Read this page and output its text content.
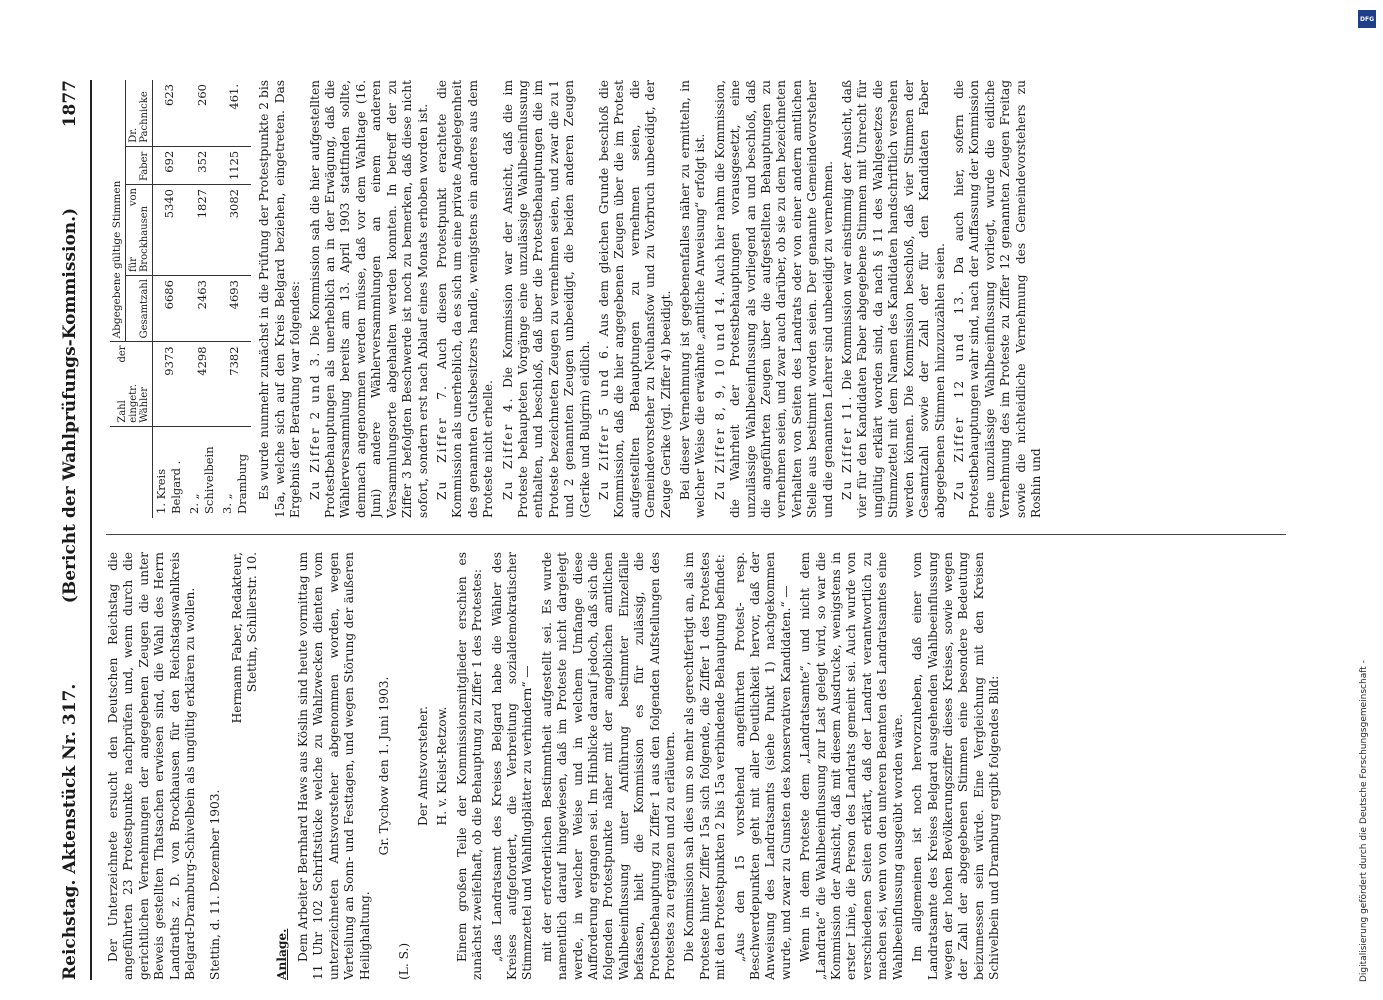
Reichstag. Aktenstück Nr. 317.
(Bericht der Wahlprüfungs-Kommission.)
1877

Der Unterzeichnete ersucht den Deutschen Reichstag die angeführten 23 Protestpunkte nachprüfen und, wenn durch die gerichtlichen Vernehmungen der angegebenen Zeugen die unter Beweis gestellten Thatsachen erwiesen sind, die Wahl des Herrn Landraths z. D. von Brockhausen für den Reichstagswahlkreis Belgard-Dramburg-Schivelbein als ungültig erklären zu wollen. Stettin, d. 11. Dezember 1903.

Hermann Faber, Redakteur, Stettin, Schillerstr. 10.

Anlage. Dem Arbeiter Bernhard Haws aus Köslin sind heute vormittag um 11 Uhr 102 Schriftstücke welche zu Wahlzwecken dienten vom unterzeichneten Amtsvorsteher abgenommen worden, wegen Verteilung an Sonn- und Festtagen, und wegen Störung der äußeren Heilighaltung.

Gr. Tychow den 1. Juni 1903.

(L. S.)

Der Amtsvorsteher. H. v. Kleist-Retzow. Einem großen Teile der Kommissionsmitglieder erschien es zunächst zweifelhaft, ob die Behauptung zu Ziffer 1 des Protestes: „das Landratsamt des Kreises Belgard habe die Wähler des Kreises aufgefordert, die Verbreitung sozialdemokratischer Stimmzettel und Wahlflugblätter zu verhindern“ — mit der erforderlichen Bestimmtheit aufgestellt sei. Es wurde namentlich darauf hingewiesen, daß im Proteste nicht dargelegt werde, in welcher Weise und in welchem Umfange diese Aufforderung ergangen sei. Im Hinblicke darauf jedoch, daß sich die folgenden Protestpunkte näher mit der angeblichen amtlichen Wahlbeeinflussung unter Anführung bestimmter Einzelfälle befassen, hielt die Kommission es für zulässig, die Protestbehauptung zu Ziffer 1 aus den folgenden Aufstellungen des Protestes zu ergänzen und zu erläutern. Die Kommission sah dies um so mehr als gerechtfertigt an, als im Proteste hinter Ziffer 15a sich folgende, die Ziffer 1 des Protestes mit den Protestpunkten 2 bis 15a verbindende Behauptung befindet: „Aus den 15 vorstehend angeführten Protest- resp. Beschwerdepunkten geht mit aller Deutlichkeit hervor, daß der Anweisung des Landratsamts (siehe Punkt 1) nachgekommen wurde, und zwar zu Gunsten des konservativen Kandidaten.“ — Wenn in dem Proteste dem „Landratsamte“, und nicht dem „Landrate“ die Wahlbeeinflussung zur Last gelegt wird, so war die Kommission der Ansicht, daß mit diesem Ausdrucke, wenigstens in erster Linie, die Person des Landrats gemeint sei. Auch wurde von verschiedenen Seiten erklärt, daß der Landrat verantwortlich zu machen sei, wenn von den unteren Beamten des Landratsamtes eine Wahlbeeinflussung ausgeübt worden wäre. Im allgemeinen ist noch hervorzuheben, daß einer vom Landratsamte des Kreises Belgard ausgehenden Wahlbeeinflussung wegen der hohen Bevölkerungsziffer dieses Kreises, sowie wegen der Zahl der abgegebenen Stimmen eine besondere Bedeutung beizumessen sein würde. Eine Vergleichung mit den Kreisen Schivelbein und Dramburg ergibt folgendes Bild:

	Zahl der eingetr. Wähler	Abgegebene gültige Stimmen			
		Gesamtzahl	für von Brockhausen	Faber	Dr. Pachnicke
1. Kreis Belgard .	9373	6686	5340	692	623
2. „ Schivelbein	4298	2463	1827	352	260
3. „ Dramburg	7382	4693	3082	1125	461. Es wurde nunmehr zunächst in die Prüfung der Protestpunkte 2 bis 15a, welche sich auf den Kreis Belgard beziehen, eingetreten. Das Ergebnis der Beratung war folgendes: Zu Ziffer 2 und 3. Die Kommission sah die hier aufgestellten Protestbehauptungen als unerheblich an in der Erwägung, daß die Wählerversammlung bereits am 13. April 1903 stattfinden sollte, demnach angenommen werden müsse, daß vor dem Wahltage (16. Juni) andere Wählerversammlungen an einem anderen Versammlungsorte abgehalten werden konnten. In betreff der zu Ziffer 3 befolgten Beschwerde ist noch zu bemerken, daß diese nicht sofort, sondern erst nach Ablauf eines Monats erhoben worden ist. Zu Ziffer 7. Auch diesen Protestpunkt erachtete die Kommission als unerheblich, da es sich um eine private Angelegenheit des genannten Gutsbesitzers handle, wenigstens ein anderes aus dem Proteste nicht erhelle. Zu Ziffer 4. Die Kommission war der Ansicht, daß die im Proteste behaupteten Vorgänge eine unzulässige Wahlbeeinflussung enthalten, und beschloß, daß über die Protestbehauptungen die im Proteste bezeichneten Zeugen zu vernehmen seien, und zwar die zu 1 und 2 genannten Zeugen unbeeidigt, die beiden anderen Zeugen (Gerike und Bulgrin) eidlich. Zu Ziffer 5 und 6. Aus dem gleichen Grunde beschloß die Kommission, daß die hier angegebenen Zeugen über die im Protest aufgestellten Behauptungen zu vernehmen seien, die Gemeindevorsteher zu Neuhansfow und zu Vorbruch unbeeidigt, der Zeuge Gerike (vgl. Ziffer 4) beeidigt. Bei dieser Vernehmung ist gegebenenfalles näher zu ermitteln, in welcher Weise die erwähnte „amtliche Anweisung“ erfolgt ist. Zu Ziffer 8, 9, 10 und 14. Auch hier nahm die Kommission, die Wahrheit der Protestbehauptungen vorausgesetzt, eine unzulässige Wahlbeeinflussung als vorliegend an und beschloß, daß die angeführten Zeugen über die aufgestellten Behauptungen zu vernehmen seien, und zwar auch darüber, ob sie zu dem bezeichneten Verhalten von Seiten des Landrats oder von einer andern amtlichen Stelle aus bestimmt worden seien. Der genannte Gemeindevorsteher und die genannten Lehrer sind unbeeidigt zu vernehmen. Zu Ziffer 11. Die Kommission war einstimmig der Ansicht, daß vier für den Kandidaten Faber abgegebene Stimmen mit Unrecht für ungültig erklärt worden sind, da nach § 11 des Wahlgesetzes die Stimmzettel mit dem Namen des Kandidaten handschriftlich versehen werden können. Die Kommission beschloß, daß vier Stimmen der Gesamtzahl sowie der Zahl der für den Kandidaten Faber abgegebenen Stimmen hinzuzuzählen seien. Zu Ziffer 12 und 13. Da auch hier, sofern die Protestbehauptungen wahr sind, nach der Auffassung der Kommission eine unzulässige Wahlbeeinflussung vorliegt, wurde die eidliche Vernehmung des im Proteste zu Ziffer 12 genannten Zeugen Freitag sowie die nichteidliche Vernehmung des Gemeindevorstehers zu Roshin und

DFG
Digitalisierung gefördert durch die Deutsche Forschungsgemeinschaft -
